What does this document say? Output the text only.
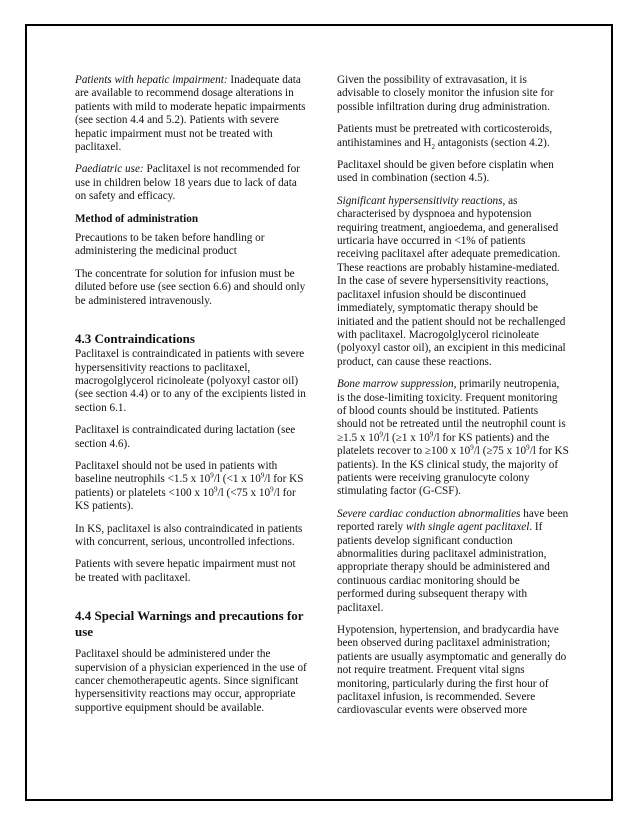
Patients with hepatic impairment: Inadequate data are available to recommend dosage alterations in patients with mild to moderate hepatic impairments (see section 4.4 and 5.2). Patients with severe hepatic impairment must not be treated with paclitaxel.

Paediatric use: Paclitaxel is not recommended for use in children below 18 years due to lack of data on safety and efficacy.

Method of administration

Precautions to be taken before handling or administering the medicinal product

The concentrate for solution for infusion must be diluted before use (see section 6.6) and should only be administered intravenously.

4.3 Contraindications

Paclitaxel is contraindicated in patients with severe hypersensitivity reactions to paclitaxel, macrogolglycerol ricinoleate (polyoxyl castor oil) (see section 4.4) or to any of the excipients listed in section 6.1.

Paclitaxel is contraindicated during lactation (see section 4.6).

Paclitaxel should not be used in patients with baseline neutrophils <1.5 x $10^9/l$ (<1 x $10^9/l$ for KS patients) or platelets <100 x $10^9/l$ (<75 x $10^9/l$ for KS patients).

In KS, paclitaxel is also contraindicated in patients with concurrent, serious, uncontrolled infections.

Patients with severe hepatic impairment must not be treated with paclitaxel.

4.4 Special Warnings and precautions for use

Paclitaxel should be administered under the supervision of a physician experienced in the use of cancer chemotherapeutic agents. Since significant hypersensitivity reactions may occur, appropriate supportive equipment should be available.

Given the possibility of extravasation, it is advisable to closely monitor the infusion site for possible infiltration during drug administration.

Patients must be pretreated with corticosteroids, antihistamines and $H_2$ antagonists (section 4.2).

Paclitaxel should be given before cisplatin when used in combination (section 4.5).

Significant hypersensitivity reactions, as characterised by dyspnoea and hypotension requiring treatment, angioedema, and generalised urticaria have occurred in <1% of patients receiving paclitaxel after adequate premedication. These reactions are probably histamine-mediated. In the case of severe hypersensitivity reactions, paclitaxel infusion should be discontinued immediately, symptomatic therapy should be initiated and the patient should not be rechallenged with paclitaxel. Macrogolglycerol ricinoleate (polyoxyl castor oil), an excipient in this medicinal product, can cause these reactions.

Bone marrow suppression, primarily neutropenia, is the dose-limiting toxicity. Frequent monitoring of blood counts should be instituted. Patients should not be retreated until the neutrophil count is ≥1.5 x $10^9/l$ (≥1 x $10^9/l$ for KS patients) and the platelets recover to ≥100 x $10^9/l$ (≥75 x $10^9/l$ for KS patients). In the KS clinical study, the majority of patients were receiving granulocyte colony stimulating factor (G-CSF).

Severe cardiac conduction abnormalities have been reported rarely with single agent paclitaxel. If patients develop significant conduction abnormalities during paclitaxel administration, appropriate therapy should be administered and continuous cardiac monitoring should be performed during subsequent therapy with paclitaxel.

Hypotension, hypertension, and bradycardia have been observed during paclitaxel administration; patients are usually asymptomatic and generally do not require treatment. Frequent vital signs monitoring, particularly during the first hour of paclitaxel infusion, is recommended. Severe cardiovascular events were observed more
